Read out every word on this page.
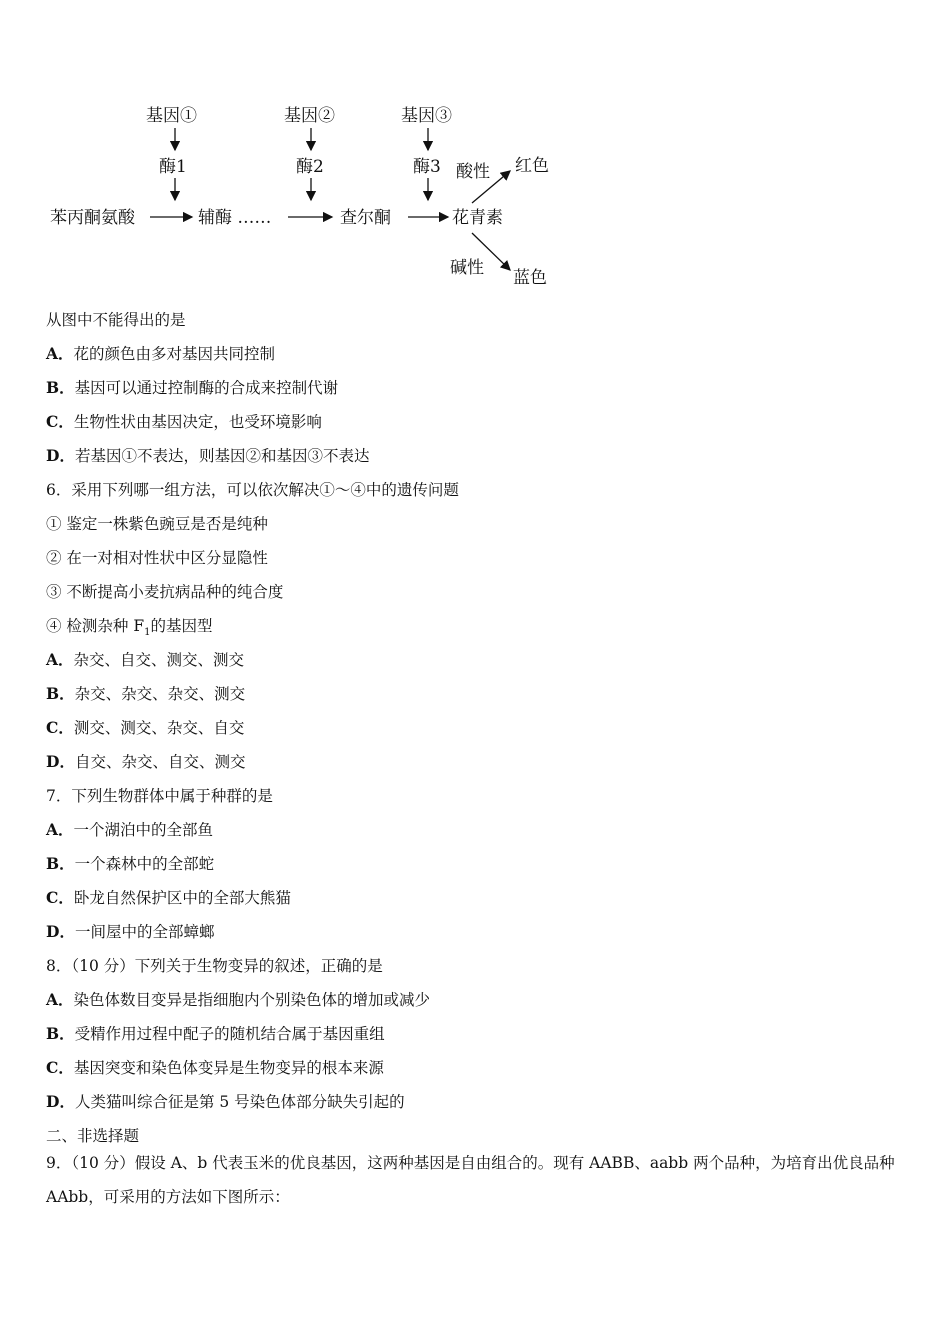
基因①	基因②	基因③
酶1	酶2	酶3
苯丙酮氨酸	辅酶 ……	查尔酮	花青素
酸性 红色
碱性 蓝色
从图中不能得出的是
A．花的颜色由多对基因共同控制
B．基因可以通过控制酶的合成来控制代谢
C．生物性状由基因决定，也受环境影响
D．若基因①不表达，则基因②和基因③不表达
6．采用下列哪一组方法，可以依次解决①～④中的遗传问题
① 鉴定一株紫色豌豆是否是纯种
② 在一对相对性状中区分显隐性
③ 不断提高小麦抗病品种的纯合度
④ 检测杂种 $F_1$的基因型
A．杂交、自交、测交、测交
B．杂交、杂交、杂交、测交
C．测交、测交、杂交、自交
D．自交、杂交、自交、测交
7．下列生物群体中属于种群的是
A．一个湖泊中的全部鱼
B．一个森林中的全部蛇
C．卧龙自然保护区中的全部大熊猫
D．一间屋中的全部蟑螂
8．（10 分）下列关于生物变异的叙述，正确的是
A．染色体数目变异是指细胞内个别染色体的增加或减少
B．受精作用过程中配子的随机结合属于基因重组
C．基因突变和染色体变异是生物变异的根本来源
D．人类猫叫综合征是第 5 号染色体部分缺失引起的
二、非选择题
9．（10 分）假设 A、b 代表玉米的优良基因，这两种基因是自由组合的。现有 AABB、aabb 两个品种，为培育出优良品种 AAbb，可采用的方法如下图所示：
